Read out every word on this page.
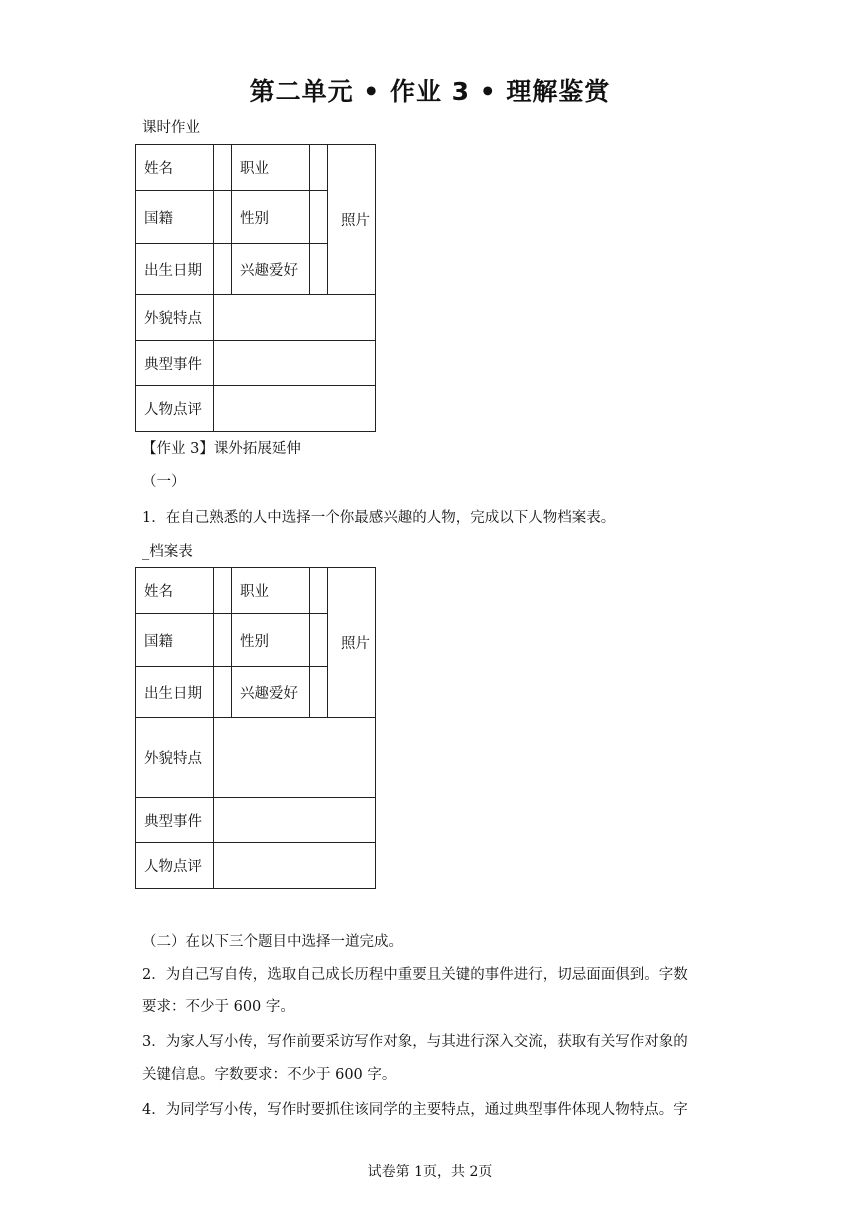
第二单元 • 作业 3 • 理解鉴赏
课时作业
姓名		职业		照片
国籍		性别		
出生日期		兴趣爱好		
外貌特点				
典型事件				
人物点评				
【作业 3】课外拓展延伸
（一）
1．在自己熟悉的人中选择一个你最感兴趣的人物，完成以下人物档案表。
_档案表
姓名		职业		照片
国籍		性别		
出生日期		兴趣爱好		
外貌特点				
典型事件				
人物点评				
（二）在以下三个题目中选择一道完成。
2．为自己写自传，选取自己成长历程中重要且关键的事件进行，切忌面面俱到。字数
要求：不少于 600 字。
3．为家人写小传，写作前要采访写作对象，与其进行深入交流，获取有关写作对象的
关键信息。字数要求：不少于 600 字。
4．为同学写小传，写作时要抓住该同学的主要特点，通过典型事件体现人物特点。字
试卷第 1页，共 2页
